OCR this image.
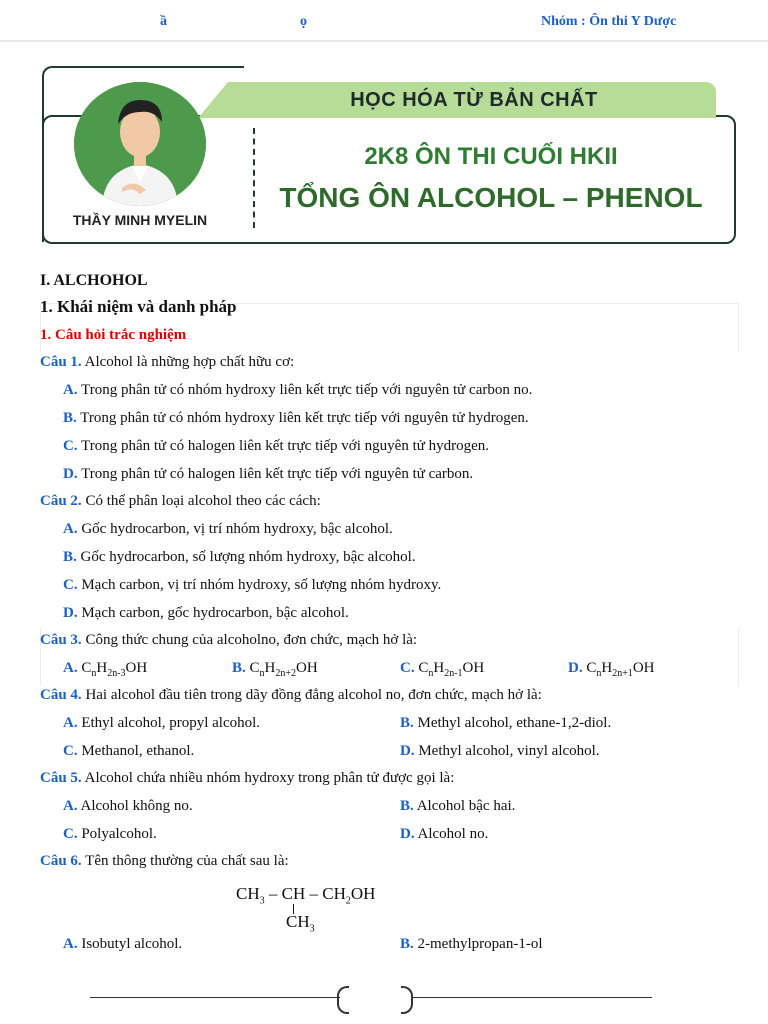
ầ	ọ	Nhóm : Ôn thi Y Dược
HỌC HÓA TỪ BẢN CHẤT
THẦY MINH MYELIN
2K8 ÔN THI CUỐI HKII
TỔNG ÔN ALCOHOL – PHENOL
I. ALCHOHOL
1. Khái niệm và danh pháp
1. Câu hỏi trắc nghiệm
Câu 1. Alcohol là những hợp chất hữu cơ:
A. Trong phân tử có nhóm hydroxy liên kết trực tiếp với nguyên tử carbon no.
B. Trong phân tử có nhóm hydroxy liên kết trực tiếp với nguyên tử hydrogen.
C. Trong phân tử có halogen liên kết trực tiếp với nguyên tử hydrogen.
D. Trong phân tử có halogen liên kết trực tiếp với nguyên tử carbon.
Câu 2. Có thể phân loại alcohol theo các cách:
A. Gốc hydrocarbon, vị trí nhóm hydroxy, bậc alcohol.
B. Gốc hydrocarbon, số lượng nhóm hydroxy, bậc alcohol.
C. Mạch carbon, vị trí nhóm hydroxy, số lượng nhóm hydroxy.
D. Mạch carbon, gốc hydrocarbon, bậc alcohol.
Câu 3. Công thức chung của alcoholno, đơn chức, mạch hở là:
A. $C_nH_{2n-3}OH$	B. $C_nH_{2n+2}OH$	C. $C_nH_{2n-1}OH$	D. $C_nH_{2n+1}OH$
Câu 4. Hai alcohol đầu tiên trong dãy đồng đẳng alcohol no, đơn chức, mạch hở là:
A. Ethyl alcohol, propyl alcohol.	B. Methyl alcohol, ethane-1,2-diol.
C. Methanol, ethanol.	D. Methyl alcohol, vinyl alcohol.
Câu 5. Alcohol chứa nhiều nhóm hydroxy trong phân tử được gọi là:
A. Alcohol không no.	B. Alcohol bậc hai.
C. Polyalcohol.	D. Alcohol no.
Câu 6. Tên thông thường của chất sau là:
$CH_3$ – CH – $CH_2OH$
$CH_3$
A. Isobutyl alcohol.	B. 2-methylpropan-1-ol
